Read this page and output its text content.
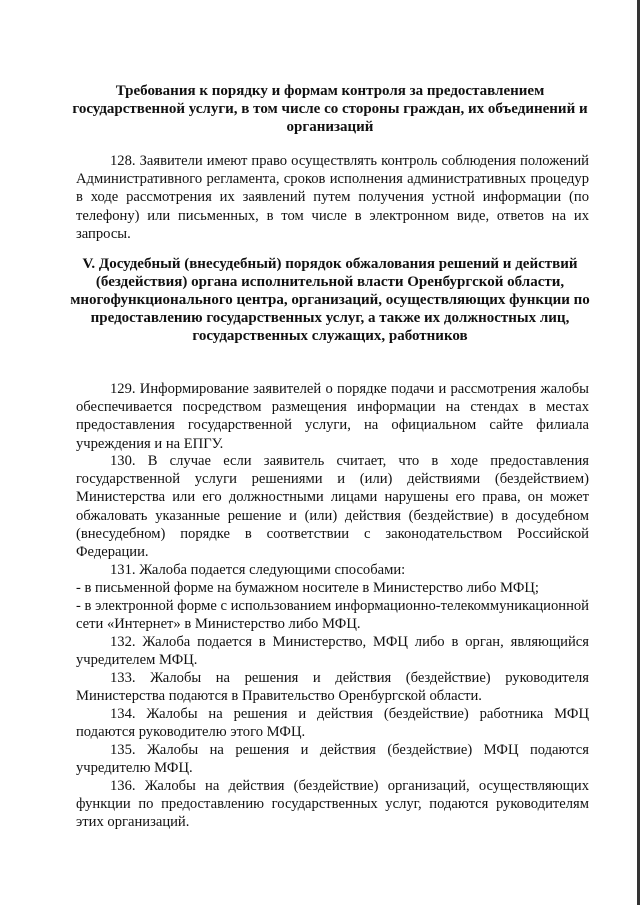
Требования к порядку и формам контроля за предоставлением государственной услуги, в том числе со стороны граждан, их объединений и организаций

128. Заявители имеют право осуществлять контроль соблюдения положений Административного регламента, сроков исполнения административных процедур в ходе рассмотрения их заявлений путем получения устной информации (по телефону) или письменных, в том числе в электронном виде, ответов на их запросы.

V. Досудебный (внесудебный) порядок обжалования решений и действий (бездействия) органа исполнительной власти Оренбургской области, многофункционального центра, организаций, осуществляющих функции по предоставлению государственных услуг, а также их должностных лиц, государственных служащих, работников

129. Информирование заявителей о порядке подачи и рассмотрения жалобы обеспечивается посредством размещения информации на стендах в местах предоставления государственной услуги, на официальном сайте филиала учреждения и на ЕПГУ.

130. В случае если заявитель считает, что в ходе предоставления государственной услуги решениями и (или) действиями (бездействием) Министерства или его должностными лицами нарушены его права, он может обжаловать указанные решение и (или) действия (бездействие) в досудебном (внесудебном) порядке в соответствии с законодательством Российской Федерации.

131. Жалоба подается следующими способами:

- в письменной форме на бумажном носителе в Министерство либо МФЦ;

- в электронной форме с использованием информационно-телекоммуникационной сети «Интернет» в Министерство либо МФЦ.

132. Жалоба подается в Министерство, МФЦ либо в орган, являющийся учредителем МФЦ.

133. Жалобы на решения и действия (бездействие) руководителя Министерства подаются в Правительство Оренбургской области.

134. Жалобы на решения и действия (бездействие) работника МФЦ подаются руководителю этого МФЦ.

135. Жалобы на решения и действия (бездействие) МФЦ подаются учредителю МФЦ.

136. Жалобы на действия (бездействие) организаций, осуществляющих функции по предоставлению государственных услуг, подаются руководителям этих организаций.
